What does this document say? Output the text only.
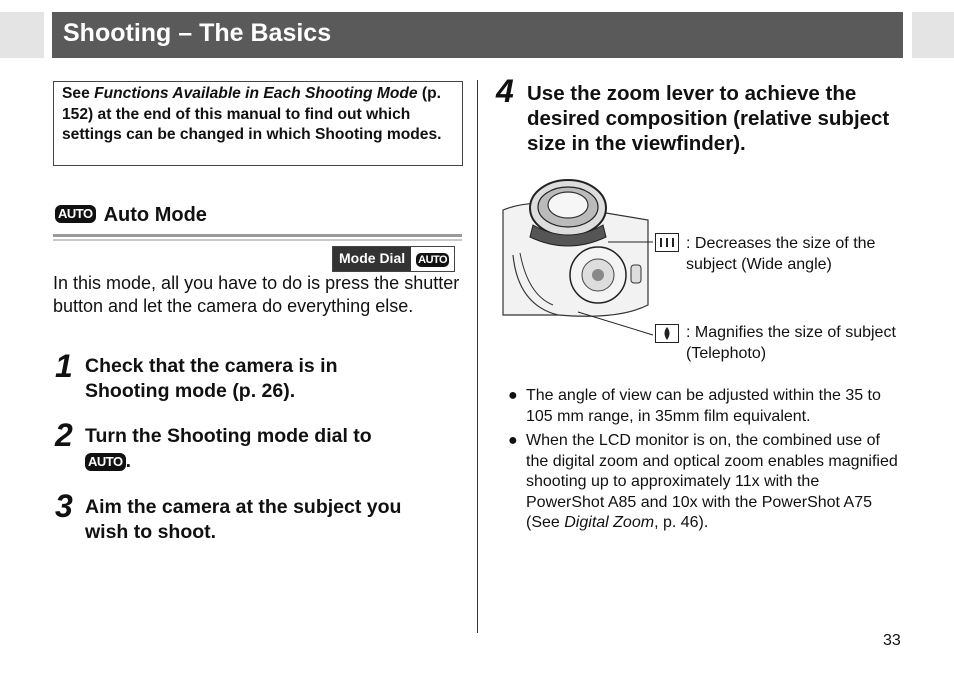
Shooting – The Basics
See Functions Available in Each Shooting Mode (p. 152) at the end of this manual to find out which settings can be changed in which Shooting modes.
AUTO Auto Mode
Mode Dial	AUTO
In this mode, all you have to do is press the shutter button and let the camera do everything else.
1 Check that the camera is in Shooting mode (p. 26).
2 Turn the Shooting mode dial to
AUTO .
3 Aim the camera at the subject you wish to shoot.
4 Use the zoom lever to achieve the desired composition (relative subject size in the viewfinder).
: Decreases the size of the subject (Wide angle)
: Magnifies the size of subject (Telephoto)
● The angle of view can be adjusted within the 35 to 105 mm range, in 35mm film equivalent.
● When the LCD monitor is on, the combined use of the digital zoom and optical zoom enables magnified shooting up to approximately 11x with the PowerShot A85 and 10x with the PowerShot A75 (See Digital Zoom, p. 46).
33
